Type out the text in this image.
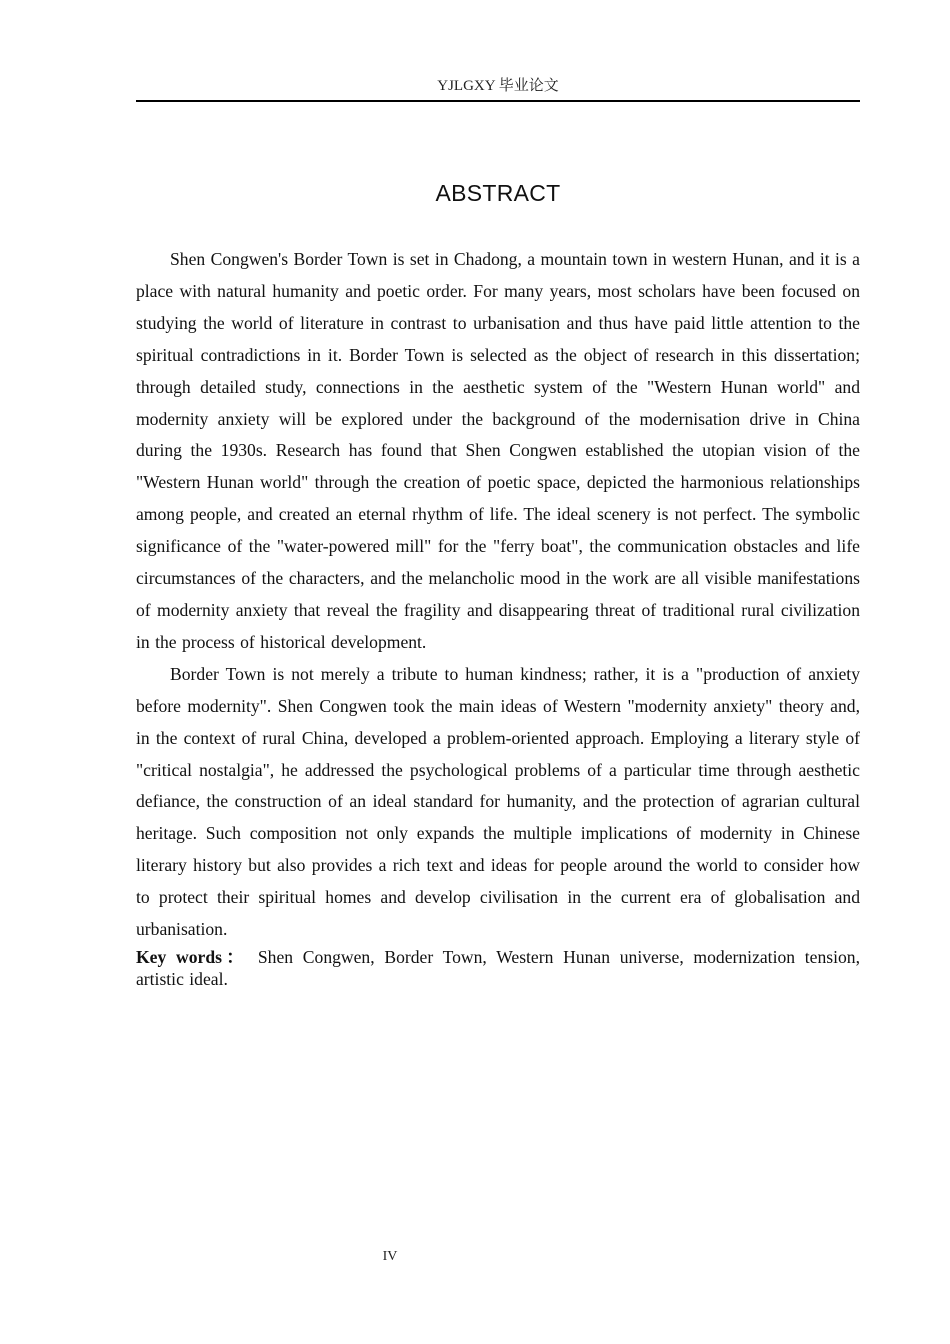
YJLGXY 毕业论文
ABSTRACT

Shen Congwen's Border Town is set in Chadong, a mountain town in western Hunan, and it is a place with natural humanity and poetic order. For many years, most scholars have been focused on studying the world of literature in contrast to urbanisation and thus have paid little attention to the spiritual contradictions in it. Border Town is selected as the object of research in this dissertation; through detailed study, connections in the aesthetic system of the "Western Hunan world" and modernity anxiety will be explored under the background of the modernisation drive in China during the 1930s. Research has found that Shen Congwen established the utopian vision of the "Western Hunan world" through the creation of poetic space, depicted the harmonious relationships among people, and created an eternal rhythm of life. The ideal scenery is not perfect. The symbolic significance of the "water-powered mill" for the "ferry boat", the communication obstacles and life circumstances of the characters, and the melancholic mood in the work are all visible manifestations of modernity anxiety that reveal the fragility and disappearing threat of traditional rural civilization in the process of historical development.

Border Town is not merely a tribute to human kindness; rather, it is a "production of anxiety before modernity". Shen Congwen took the main ideas of Western "modernity anxiety" theory and, in the context of rural China, developed a problem-oriented approach. Employing a literary style of "critical nostalgia", he addressed the psychological problems of a particular time through aesthetic defiance, the construction of an ideal standard for humanity, and the protection of agrarian cultural heritage. Such composition not only expands the multiple implications of modernity in Chinese literary history but also provides a rich text and ideas for people around the world to consider how to protect their spiritual homes and develop civilisation in the current era of globalisation and urbanisation.

Key words： Shen Congwen, Border Town, Western Hunan universe, modernization tension, artistic ideal.

IV
